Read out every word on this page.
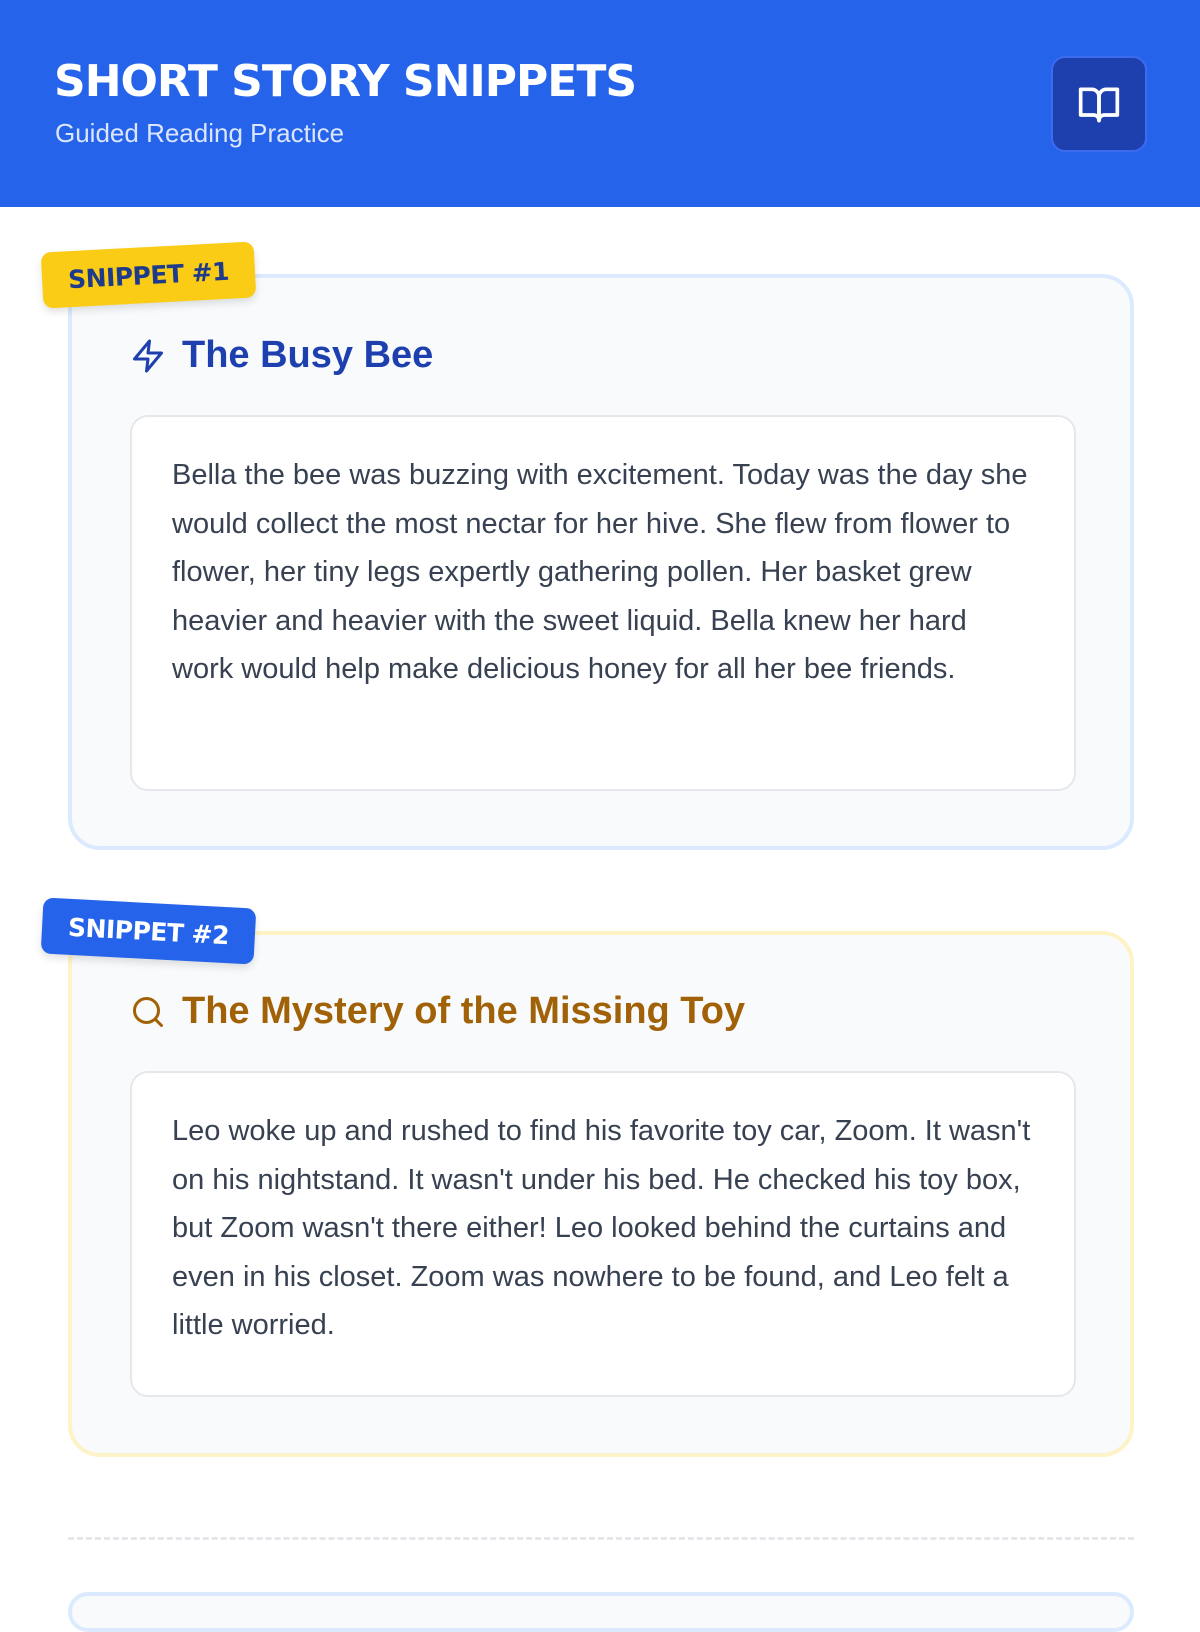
SHORT STORY SNIPPETS
Guided Reading Practice
The Busy Bee
Bella the bee was buzzing with excitement. Today was the day she would collect the most nectar for her hive. She flew from flower to flower, her tiny legs expertly gathering pollen. Her basket grew heavier and heavier with the sweet liquid. Bella knew her hard work would help make delicious honey for all her bee friends.
SNIPPET #1
The Mystery of the Missing Toy
Leo woke up and rushed to find his favorite toy car, Zoom. It wasn't on his nightstand. It wasn't under his bed. He checked his toy box, but Zoom wasn't there either! Leo looked behind the curtains and even in his closet. Zoom was nowhere to be found, and Leo felt a little worried.
SNIPPET #2
